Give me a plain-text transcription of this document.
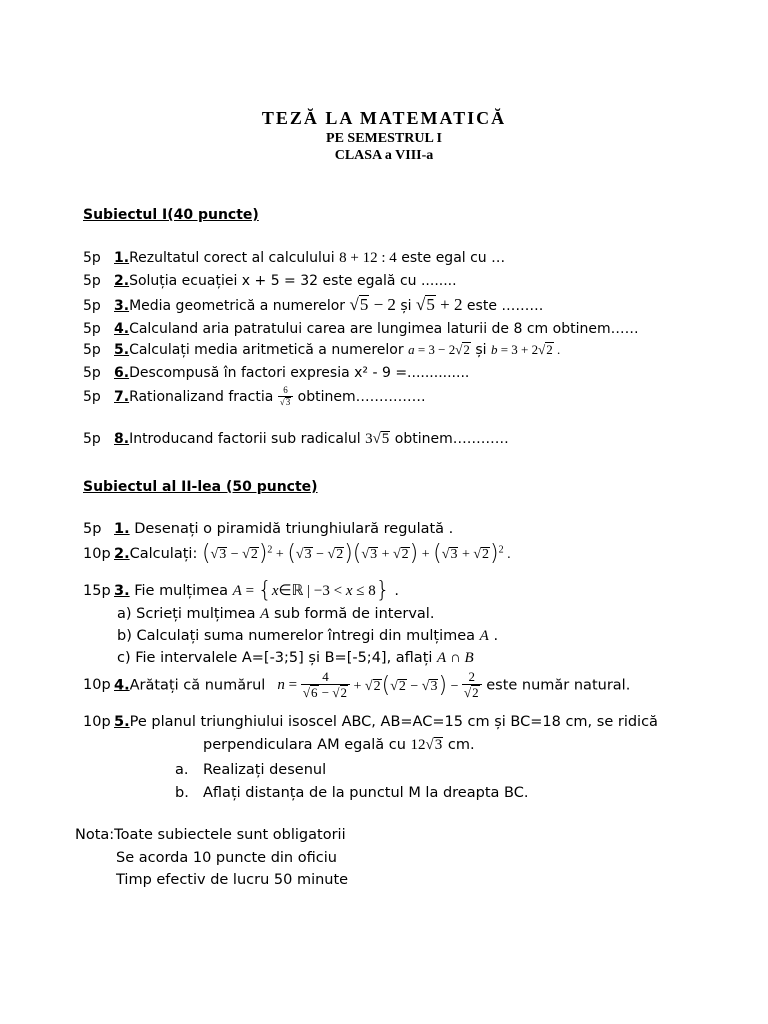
TEZĂ LA MATEMATICĂ
PE SEMESTRUL I
CLASA a VIII-a
Subiectul I(40 puncte)
5p 1.Rezultatul corect al calculului 8 + 12 : 4 este egal cu …
5p 2.Soluția ecuației x + 5 = 32 este egală cu ........
5p 3.Media geometrică a numerelor √5 − 2 și √5 + 2 este ………
5p 4.Calculand aria patratului carea are lungimea laturii de 8 cm obtinem……
5p 5.Calculați media aritmetică a numerelor a = 3 − 2√2 și b = 3 + 2√2 .
5p 6.Descompusă în factori expresia x² - 9 =..............
5p 7.Rationalizand fractia $\frac{6}{√3}$ obtinem……………
5p 8.Introducand factorii sub radicalul 3√5 obtinem…………
Subiectul al II-lea (50 puncte)
5p 1. Desenați o piramidă triunghiulară regulată .
10p 2.Calculați: $(√3 - √2)^2 + (√3 - √2)(√3 + √2) + (√3 + √2)^2$ .
15p 3. Fie mulțimea A = {x∈ℝ | −3 < x ≤ 8} .
a) Scrieți mulțimea A sub formă de interval.
b) Calculați suma numerelor întregi din mulțimea A .
c) Fie intervalele A=[-3;5] și B=[-5;4], aflați A ∩ B
10p 4.Arătați că numărul   $n = \frac{4}{√6 - √2} + √2(√2 - √3) - \frac{2}{√2}$ este număr natural.
10p 5.Pe planul triunghiului isoscel ABC, AB=AC=15 cm și BC=18 cm, se ridică
perpendiculara AM egală cu 12√3 cm.
a. Realizați desenul
b. Aflați distanța de la punctul M la dreapta BC.
Nota:Toate subiectele sunt obligatorii
Se acorda 10 puncte din oficiu
Timp efectiv de lucru 50 minute
